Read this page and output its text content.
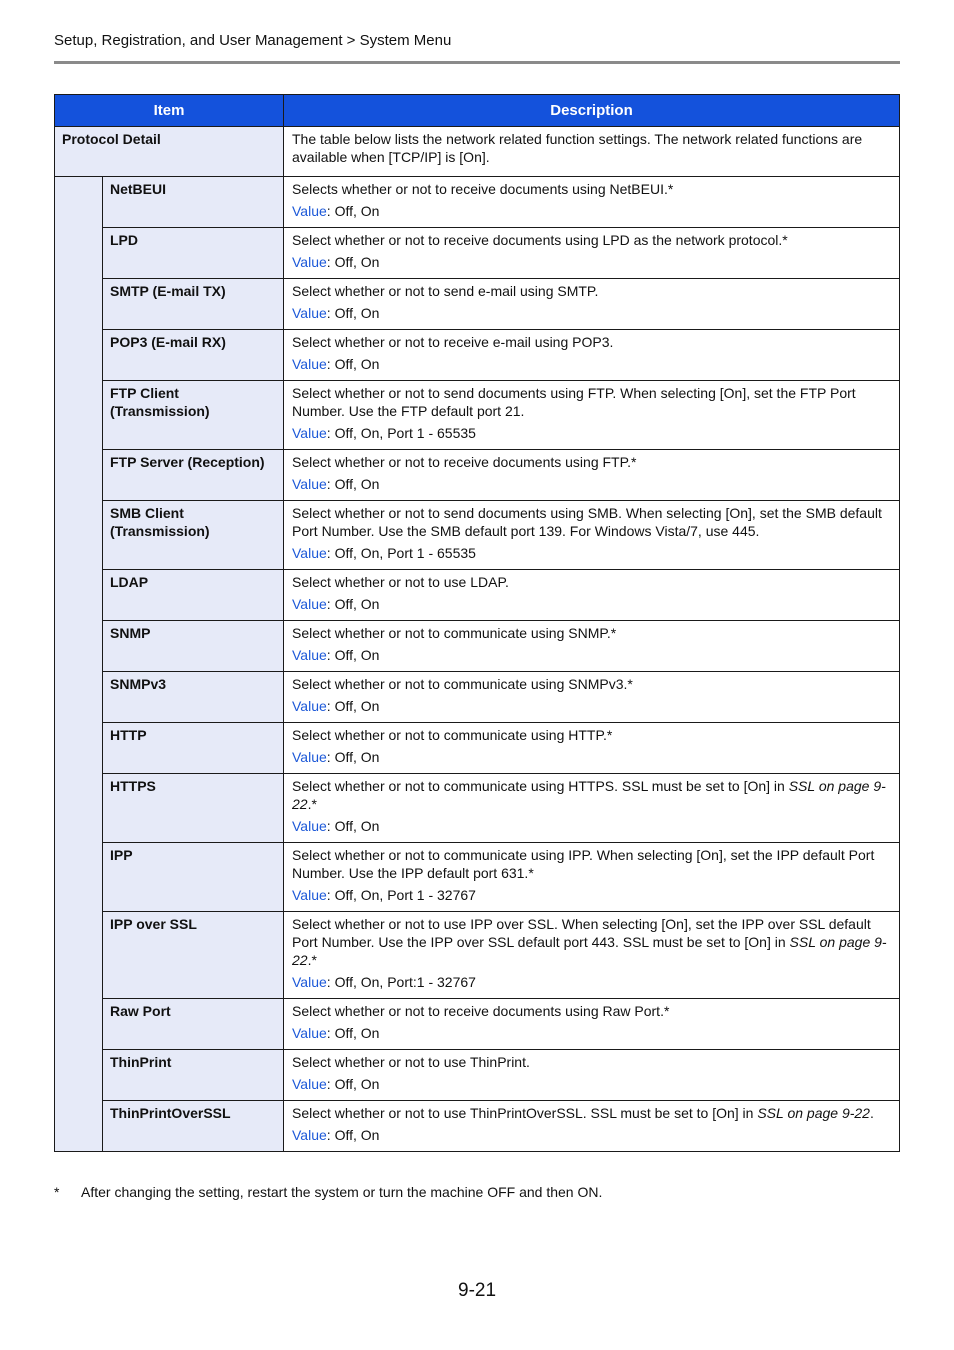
Setup, Registration, and User Management > System Menu
Item		Description
Protocol Detail		The table below lists the network related function settings. The network related functions are available when [TCP/IP] is [On].
	NetBEUI	Selects whether or not to receive documents using NetBEUI.*
Value: Off, On

	LPD	Select whether or not to receive documents using LPD as the network protocol.*
Value: Off, On

	SMTP (E-mail TX)	Select whether or not to send e-mail using SMTP.
Value: Off, On

	POP3 (E-mail RX)	Select whether or not to receive e-mail using POP3.
Value: Off, On

	FTP Client (Transmission)	Select whether or not to send documents using FTP. When selecting [On], set the FTP Port Number. Use the FTP default port 21.
Value: Off, On, Port 1 - 65535

	FTP Server (Reception)	Select whether or not to receive documents using FTP.*
Value: Off, On

	SMB Client (Transmission)	Select whether or not to send documents using SMB. When selecting [On], set the SMB default Port Number. Use the SMB default port 139. For Windows Vista/7, use 445.
Value: Off, On, Port 1 - 65535

	LDAP	Select whether or not to use LDAP.
Value: Off, On

	SNMP	Select whether or not to communicate using SNMP.*
Value: Off, On

	SNMPv3	Select whether or not to communicate using SNMPv3.*
Value: Off, On

	HTTP	Select whether or not to communicate using HTTP.*
Value: Off, On

	HTTPS	Select whether or not to communicate using HTTPS. SSL must be set to [On] in SSL on page 9-22.*
Value: Off, On

	IPP	Select whether or not to communicate using IPP. When selecting [On], set the IPP default Port Number. Use the IPP default port 631.*
Value: Off, On, Port 1 - 32767

	IPP over SSL	Select whether or not to use IPP over SSL. When selecting [On], set the IPP over SSL default Port Number. Use the IPP over SSL default port 443. SSL must be set to [On] in SSL on page 9-22.*
Value: Off, On, Port:1 - 32767

	Raw Port	Select whether or not to receive documents using Raw Port.*
Value: Off, On

	ThinPrint	Select whether or not to use ThinPrint.
Value: Off, On

	ThinPrintOverSSL	Select whether or not to use ThinPrintOverSSL. SSL must be set to [On] in SSL on page 9-22.
Value: Off, On
* After changing the setting, restart the system or turn the machine OFF and then ON.
9-21
